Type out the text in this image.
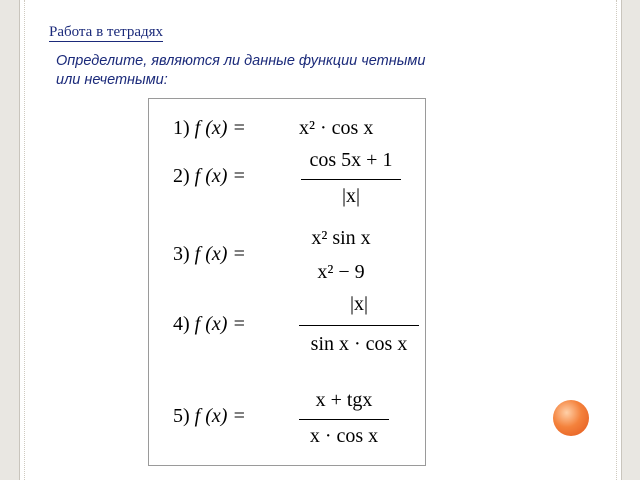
Работа в тетрадях
Определите, являются ли данные функции четными или нечетными:
1) f (x) =	x² · cos x
2) f (x) =
cos 5x + 1
|x|
3) f (x) =
x² sin x
x² − 9
4) f (x) =
|x|
sin x · cos x
5) f (x) =
x + tgx
x · cos x
